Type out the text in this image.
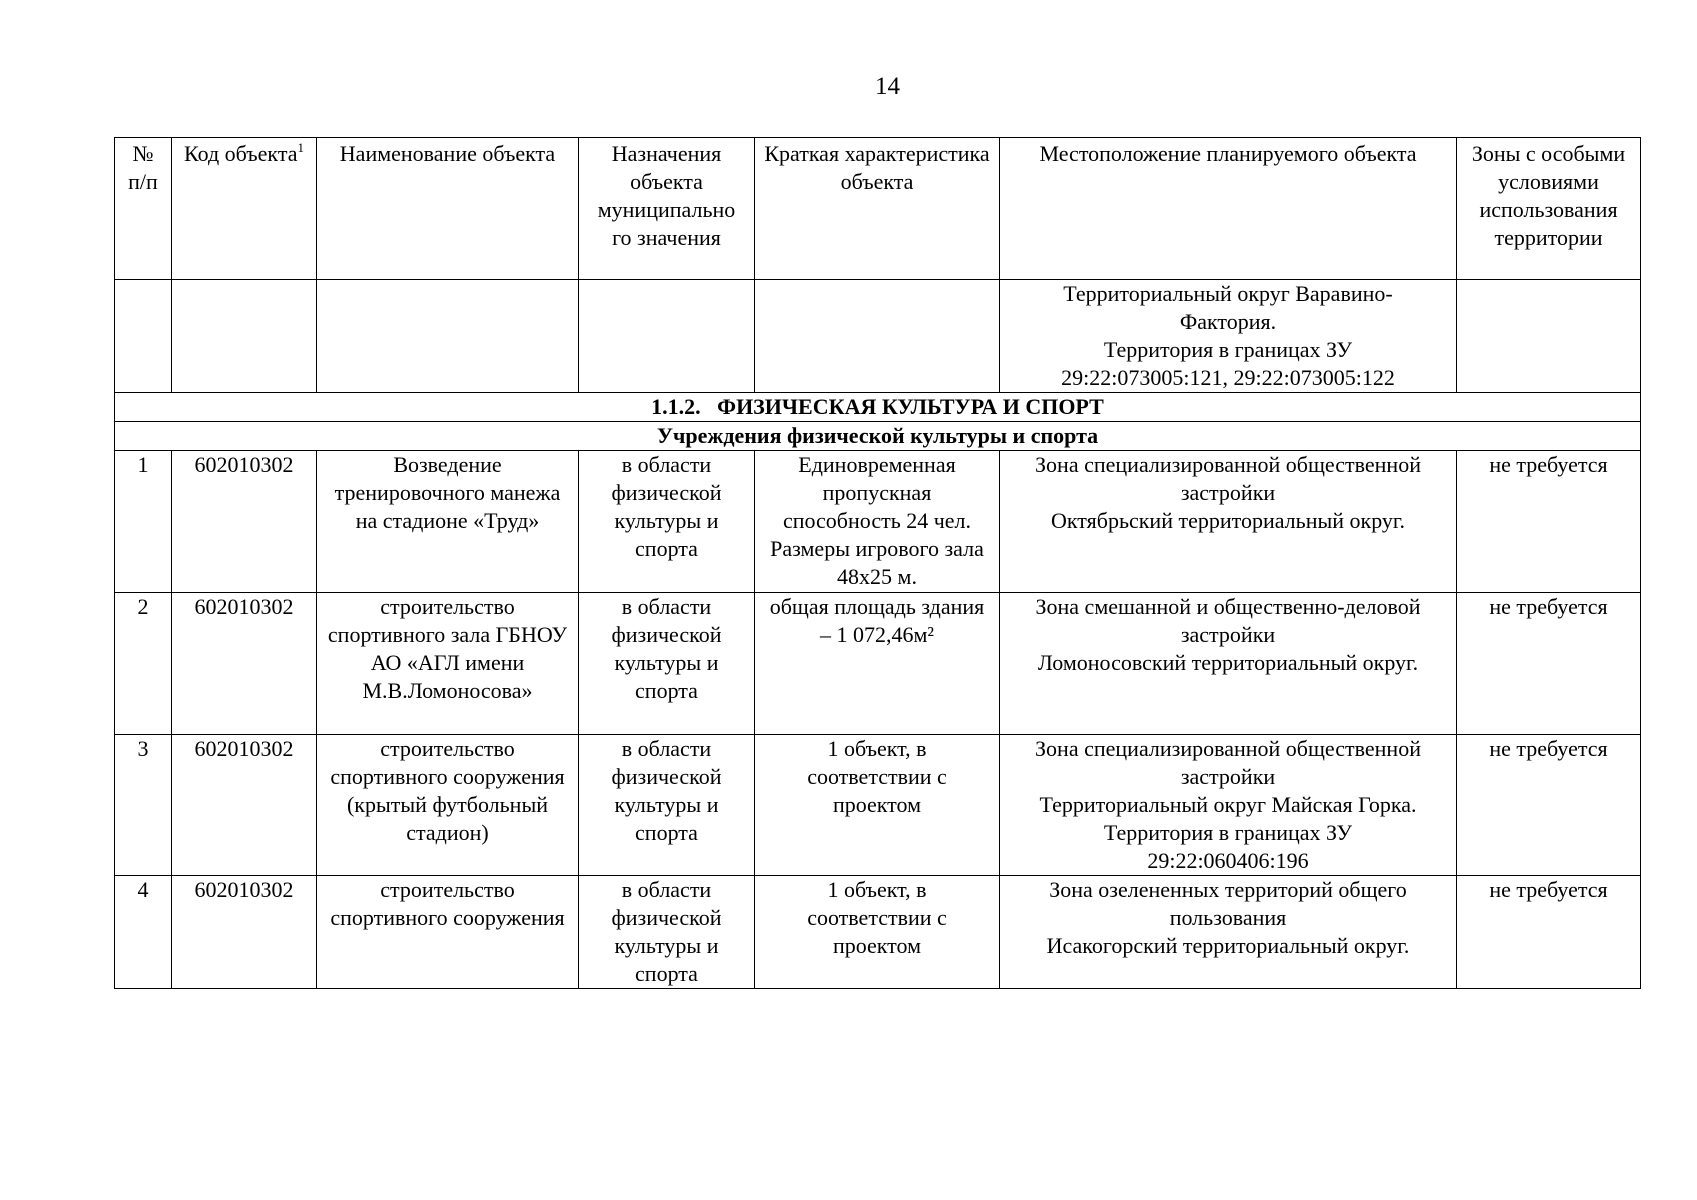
14
№ п/п	Код объекта$^1$	Наименование объекта	Назначения объекта муниципально го значения	Краткая характеристика объекта	Местоположение планируемого объекта	Зоны с особыми условиями использования территории

					Территориальный округ Варавино-
Фактория.
Территория в границах ЗУ
29:22:073005:121, 29:22:073005:122	

1.1.2.   ФИЗИЧЕСКАЯ КУЛЬТУРА И СПОРТ						
Учреждения физической культуры и спорта						
1	602010302	Возведение тренировочного манежа на стадионе «Труд»	в области физической культуры и спорта	Единовременная пропускная способность 24 чел. Размеры игрового зала 48х25 м.	Зона специализированной общественной
застройки
Октябрьский территориальный округ.	не требуется
2	602010302	строительство спортивного зала ГБНОУ АО «АГЛ имени М.В.Ломоносова»	в области физической культуры и спорта	общая площадь здания – 1 072,46м²	Зона смешанной и общественно-деловой
застройки
Ломоносовский территориальный округ.	не требуется
3	602010302	строительство спортивного сооружения (крытый футбольный стадион)	в области физической культуры и спорта	1 объект, в соответствии с проектом	Зона специализированной общественной
застройки
Территориальный округ Майская Горка.
Территория в границах ЗУ
29:22:060406:196	не требуется
4	602010302	строительство спортивного сооружения	в области физической культуры и спорта	1 объект, в соответствии с проектом	Зона озелененных территорий общего
пользования
Исакогорский территориальный округ.	не требуется
